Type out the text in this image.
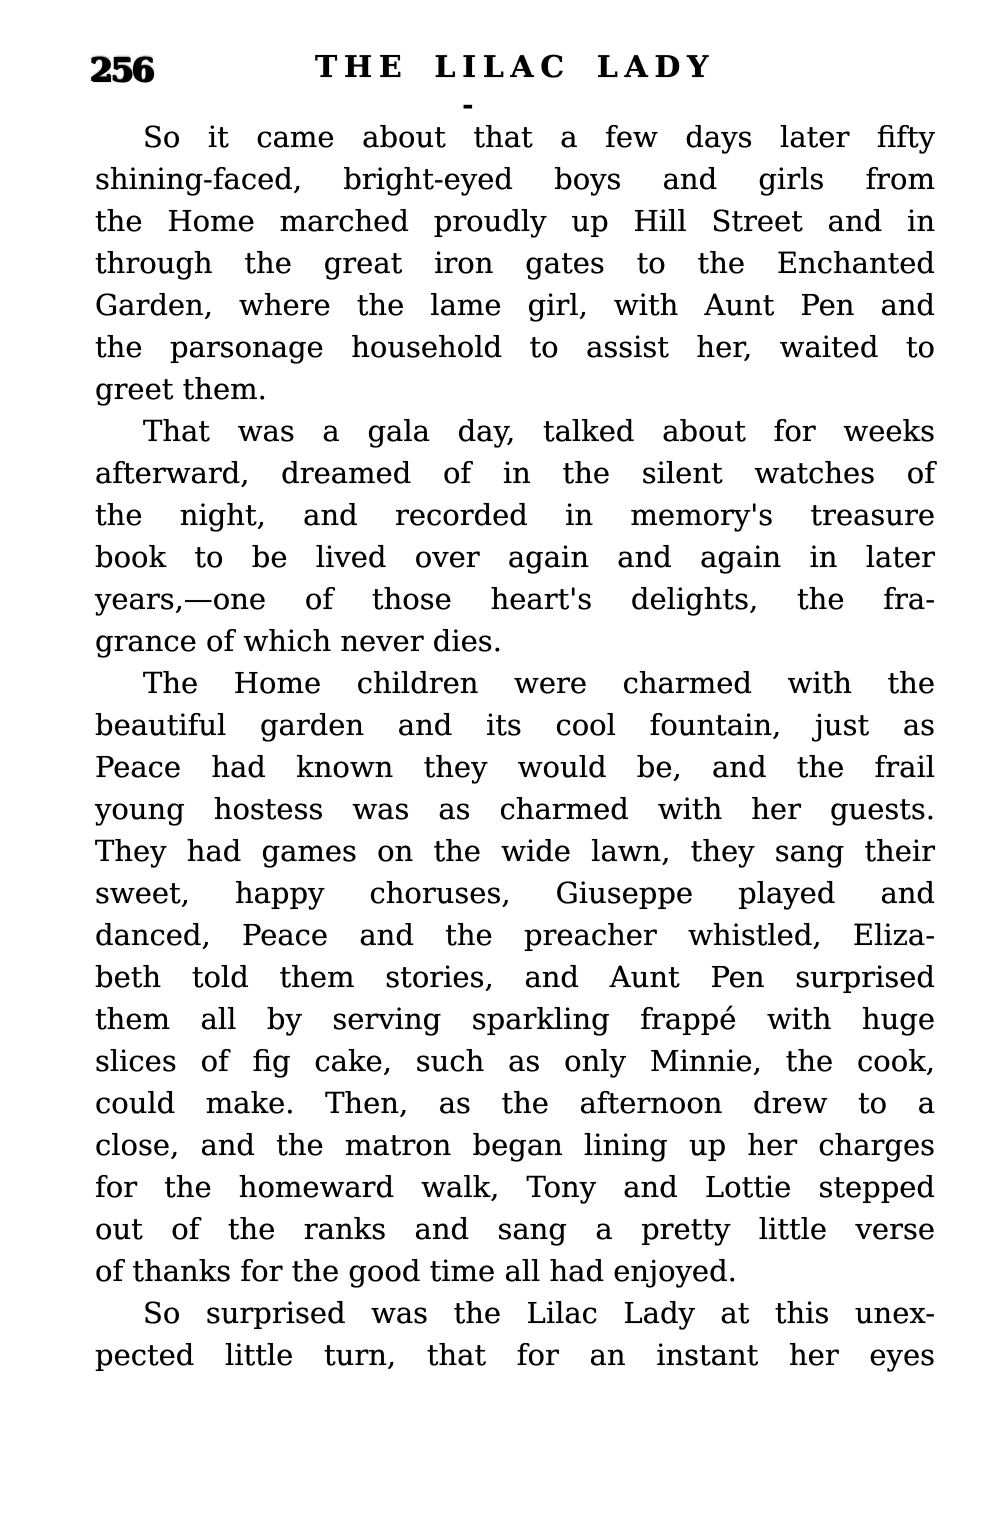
256	THE LILAC LADY
-
So it came about that a few days later fifty
shining-faced, bright-eyed boys and girls from
the Home marched proudly up Hill Street and in
through the great iron gates to the Enchanted
Garden, where the lame girl, with Aunt Pen and
the parsonage household to assist her, waited to
greet them.
That was a gala day, talked about for weeks
afterward, dreamed of in the silent watches of
the night, and recorded in memory's treasure
book to be lived over again and again in later
years,—one of those heart's delights, the fra-
grance of which never dies.
The Home children were charmed with the
beautiful garden and its cool fountain, just as
Peace had known they would be, and the frail
young hostess was as charmed with her guests.
They had games on the wide lawn, they sang their
sweet, happy choruses, Giuseppe played and
danced, Peace and the preacher whistled, Eliza-
beth told them stories, and Aunt Pen surprised
them all by serving sparkling frappé with huge
slices of fig cake, such as only Minnie, the cook,
could make. Then, as the afternoon drew to a
close, and the matron began lining up her charges
for the homeward walk, Tony and Lottie stepped
out of the ranks and sang a pretty little verse
of thanks for the good time all had enjoyed.
So surprised was the Lilac Lady at this unex-
pected little turn, that for an instant her eyes
